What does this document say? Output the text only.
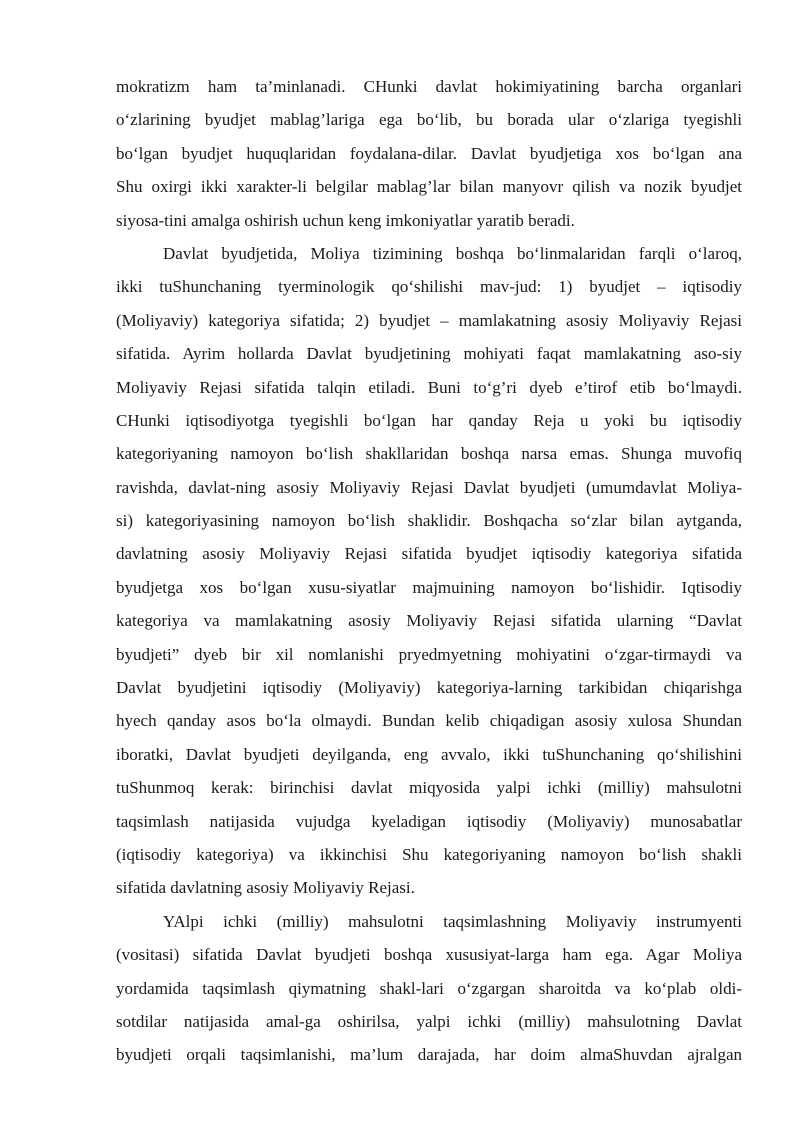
mokratizm ham ta’minlanadi. CHunki davlat hokimiyatining barcha organlari
o‘zlarining byudjet mablag’lariga ega bo‘lib, bu borada ular o‘zlariga tyegishli
bo‘lgan byudjet huquqlaridan foydalana-dilar. Davlat byudjetiga xos bo‘lgan ana
Shu oxirgi ikki xarakter-li belgilar mablag’lar bilan manyovr qilish va nozik byudjet
siyosa-tini amalga oshirish uchun keng imkoniyatlar yaratib beradi.
Davlat byudjetida, Moliya tizimining boshqa bo‘linmalaridan farqli o‘laroq,
ikki tuShunchaning tyerminologik qo‘shilishi mav-jud: 1) byudjet – iqtisodiy
(Moliyaviy) kategoriya sifatida; 2) byudjet – mamlakatning asosiy Moliyaviy Rejasi
sifatida. Ayrim hollarda Davlat byudjetining mohiyati faqat mamlakatning aso-siy
Moliyaviy Rejasi sifatida talqin etiladi. Buni to‘g’ri dyeb e’tirof etib bo‘lmaydi.
CHunki iqtisodiyotga tyegishli bo‘lgan har qanday Reja u yoki bu iqtisodiy
kategoriyaning namoyon bo‘lish shakllaridan boshqa narsa emas. Shunga muvofiq
ravishda, davlat-ning asosiy Moliyaviy Rejasi Davlat byudjeti (umumdavlat Moliya-
si) kategoriyasining namoyon bo‘lish shaklidir. Boshqacha so‘zlar bilan aytganda,
davlatning asosiy Moliyaviy Rejasi sifatida byudjet iqtisodiy kategoriya sifatida
byudjetga xos bo‘lgan xusu-siyatlar majmuining namoyon bo‘lishidir. Iqtisodiy
kategoriya va mamlakatning asosiy Moliyaviy Rejasi sifatida ularning “Davlat
byudjeti” dyeb bir xil nomlanishi pryedmyetning mohiyatini o‘zgar-tirmaydi va
Davlat byudjetini iqtisodiy (Moliyaviy) kategoriya-larning tarkibidan chiqarishga
hyech qanday asos bo‘la olmaydi. Bundan kelib chiqadigan asosiy xulosa Shundan
iboratki, Davlat byudjeti deyilganda, eng avvalo, ikki tuShunchaning qo‘shilishini
tuShunmoq kerak: birinchisi davlat miqyosida yalpi ichki (milliy) mahsulotni
taqsimlash natijasida vujudga kyeladigan iqtisodiy (Moliyaviy) munosabatlar
(iqtisodiy kategoriya) va ikkinchisi Shu kategoriyaning namoyon bo‘lish shakli
sifatida davlatning asosiy Moliyaviy Rejasi.
YAlpi ichki (milliy) mahsulotni taqsimlashning Moliyaviy instrumyenti
(vositasi) sifatida Davlat byudjeti boshqa xususiyat-larga ham ega. Agar Moliya
yordamida taqsimlash qiymatning shakl-lari o‘zgargan sharoitda va ko‘plab oldi-
sotdilar natijasida amal-ga oshirilsa, yalpi ichki (milliy) mahsulotning Davlat
byudjeti orqali taqsimlanishi, ma’lum darajada, har doim almaShuvdan ajralgan
